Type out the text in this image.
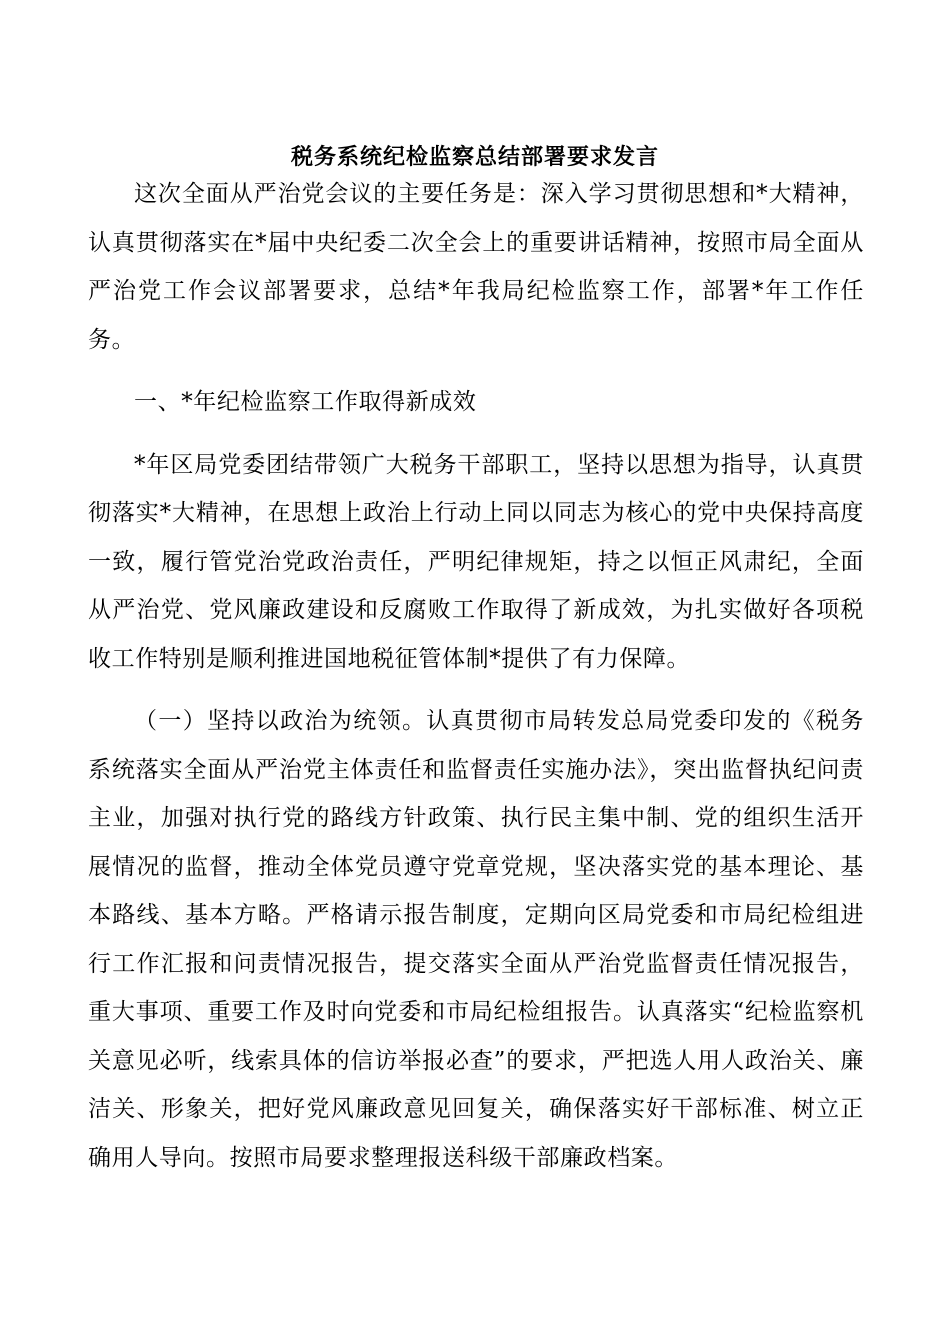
税务系统纪检监察总结部署要求发言

这次全面从严治党会议的主要任务是：深入学习贯彻思想和*大精神，认真贯彻落实在*届中央纪委二次全会上的重要讲话精神，按照市局全面从严治党工作会议部署要求，总结*年我局纪检监察工作，部署*年工作任务。

一、*年纪检监察工作取得新成效

*年区局党委团结带领广大税务干部职工，坚持以思想为指导，认真贯彻落实*大精神，在思想上政治上行动上同以同志为核心的党中央保持高度一致，履行管党治党政治责任，严明纪律规矩，持之以恒正风肃纪，全面从严治党、党风廉政建设和反腐败工作取得了新成效，为扎实做好各项税收工作特别是顺利推进国地税征管体制*提供了有力保障。

（一）坚持以政治为统领。认真贯彻市局转发总局党委印发的《税务系统落实全面从严治党主体责任和监督责任实施办法》，突出监督执纪问责主业，加强对执行党的路线方针政策、执行民主集中制、党的组织生活开展情况的监督，推动全体党员遵守党章党规，坚决落实党的基本理论、基本路线、基本方略。严格请示报告制度，定期向区局党委和市局纪检组进行工作汇报和问责情况报告，提交落实全面从严治党监督责任情况报告，重大事项、重要工作及时向党委和市局纪检组报告。认真落实“纪检监察机关意见必听，线索具体的信访举报必查”的要求，严把选人用人政治关、廉洁关、形象关，把好党风廉政意见回复关，确保落实好干部标准、树立正确用人导向。按照市局要求整理报送科级干部廉政档案。
